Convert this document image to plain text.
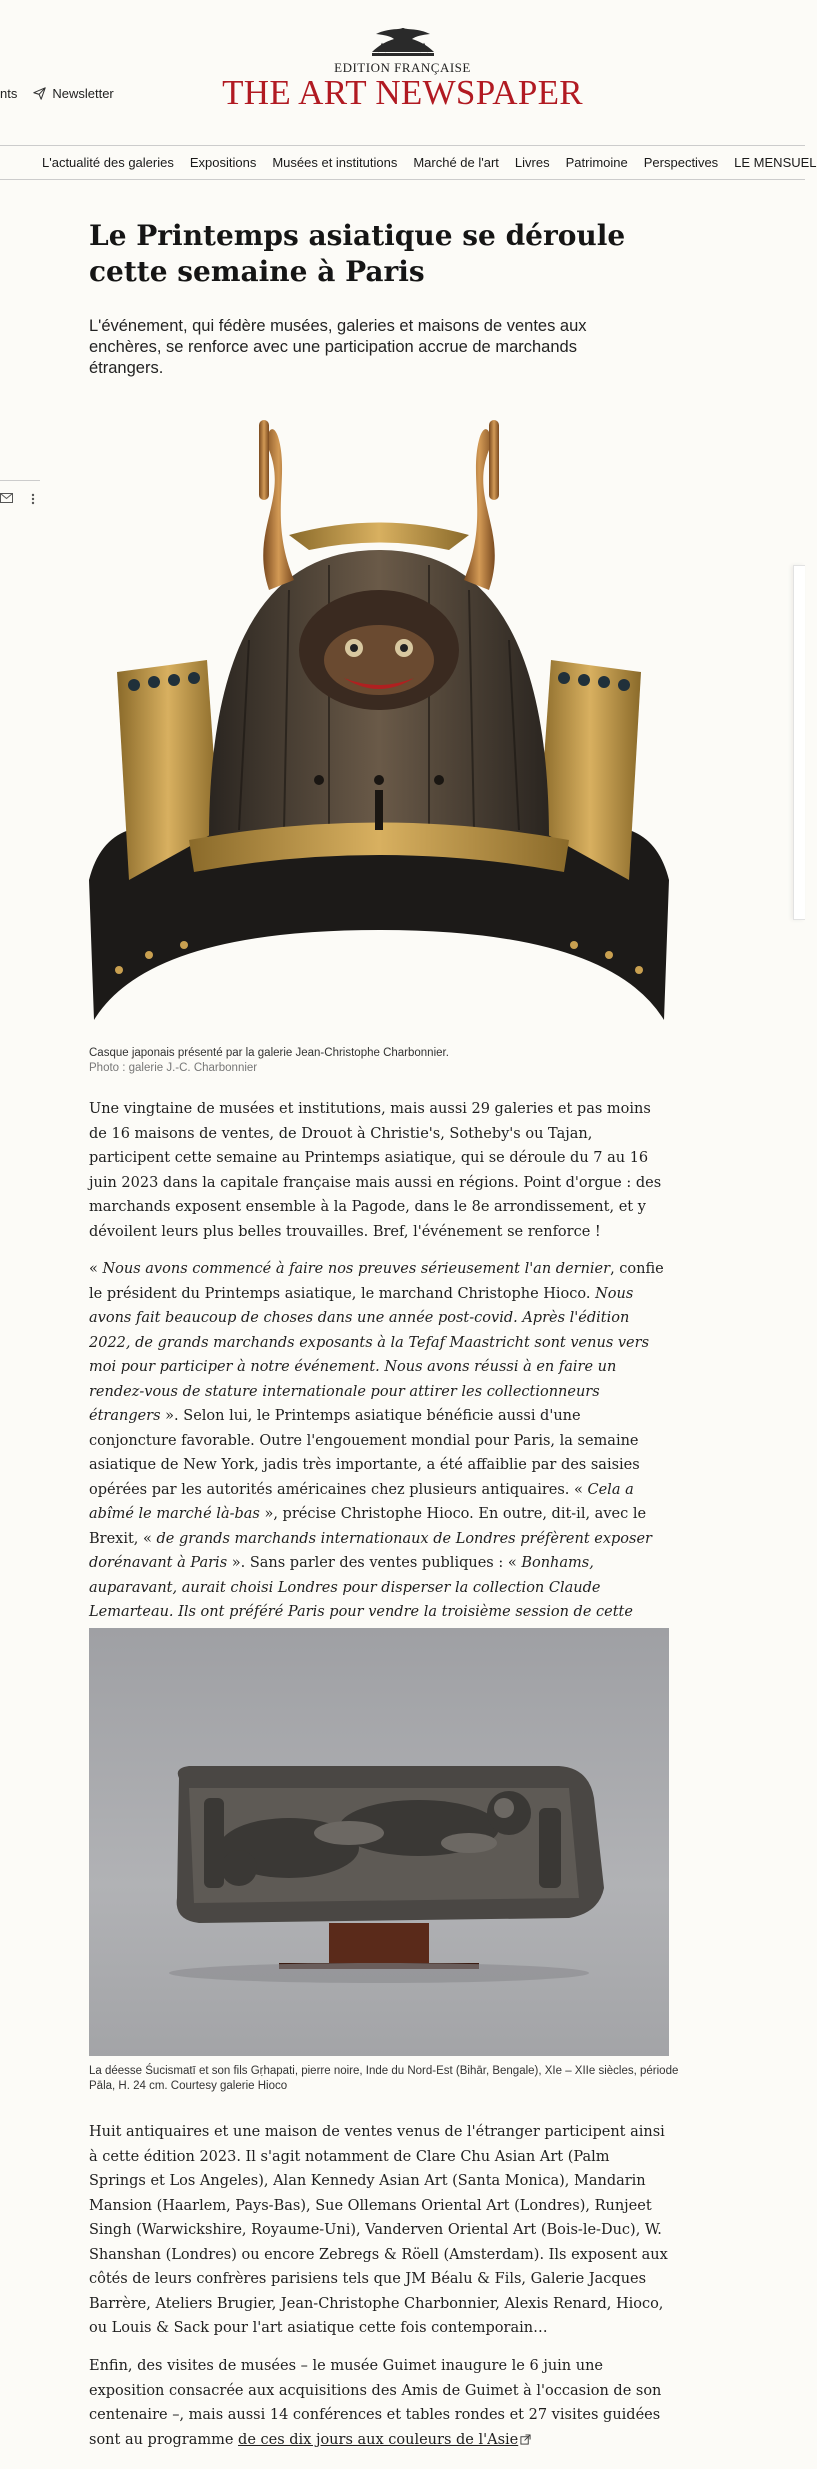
nts	Newsletter
EDITION FRANÇAISE
THE ART NEWSPAPER
L'actualité des galeries Expositions Musées et institutions Marché de l'art Livres Patrimoine Perspectives LE MENSUEL
Le Printemps asiatique se déroule cette semaine à Paris

L'événement, qui fédère musées, galeries et maisons de ventes aux enchères, se renforce avec une participation accrue de marchands étrangers.

Casque japonais présenté par la galerie Jean-Christophe Charbonnier.
Photo : galerie J.-C. Charbonnier

Une vingtaine de musées et institutions, mais aussi 29 galeries et pas moins de 16 maisons de ventes, de Drouot à Christie's, Sotheby's ou Tajan, participent cette semaine au Printemps asiatique, qui se déroule du 7 au 16 juin 2023 dans la capitale française mais aussi en régions. Point d'orgue : des marchands exposent ensemble à la Pagode, dans le 8e arrondissement, et y dévoilent leurs plus belles trouvailles. Bref, l'événement se renforce !

« Nous avons commencé à faire nos preuves sérieusement l'an dernier, confie le président du Printemps asiatique, le marchand Christophe Hioco. Nous avons fait beaucoup de choses dans une année post-covid. Après l'édition 2022, de grands marchands exposants à la Tefaf Maastricht sont venus vers moi pour participer à notre événement. Nous avons réussi à en faire un rendez-vous de stature internationale pour attirer les collectionneurs étrangers ». Selon lui, le Printemps asiatique bénéficie aussi d'une conjoncture favorable. Outre l'engouement mondial pour Paris, la semaine asiatique de New York, jadis très importante, a été affaiblie par des saisies opérées par les autorités américaines chez plusieurs antiquaires. « Cela a abîmé le marché là-bas », précise Christophe Hioco. En outre, dit-il, avec le Brexit, « de grands marchands internationaux de Londres préfèrent exposer dorénavant à Paris ». Sans parler des ventes publiques : « Bonhams, auparavant, aurait choisi Londres pour disperser la collection Claude Lemarteau. Ils ont préféré Paris pour vendre la troisième session de cette

La déesse Śucismatī et son fils Gṛhapati, pierre noire, Inde du Nord-Est (Bihār, Bengale), XIe – XIIe siècles, période Pāla, H. 24 cm. Courtesy galerie Hioco

Huit antiquaires et une maison de ventes venus de l'étranger participent ainsi à cette édition 2023. Il s'agit notamment de Clare Chu Asian Art (Palm Springs et Los Angeles), Alan Kennedy Asian Art (Santa Monica), Mandarin Mansion (Haarlem, Pays-Bas), Sue Ollemans Oriental Art (Londres), Runjeet Singh (Warwickshire, Royaume-Uni), Vanderven Oriental Art (Bois-le-Duc), W. Shanshan (Londres) ou encore Zebregs & Röell (Amsterdam). Ils exposent aux côtés de leurs confrères parisiens tels que JM Béalu & Fils, Galerie Jacques Barrère, Ateliers Brugier, Jean-Christophe Charbonnier, Alexis Renard, Hioco, ou Louis & Sack pour l'art asiatique cette fois contemporain…

Enfin, des visites de musées – le musée Guimet inaugure le 6 juin une exposition consacrée aux acquisitions des Amis de Guimet à l'occasion de son centenaire –, mais aussi 14 conférences et tables rondes et 27 visites guidées sont au programme de ces dix jours aux couleurs de l'Asie
